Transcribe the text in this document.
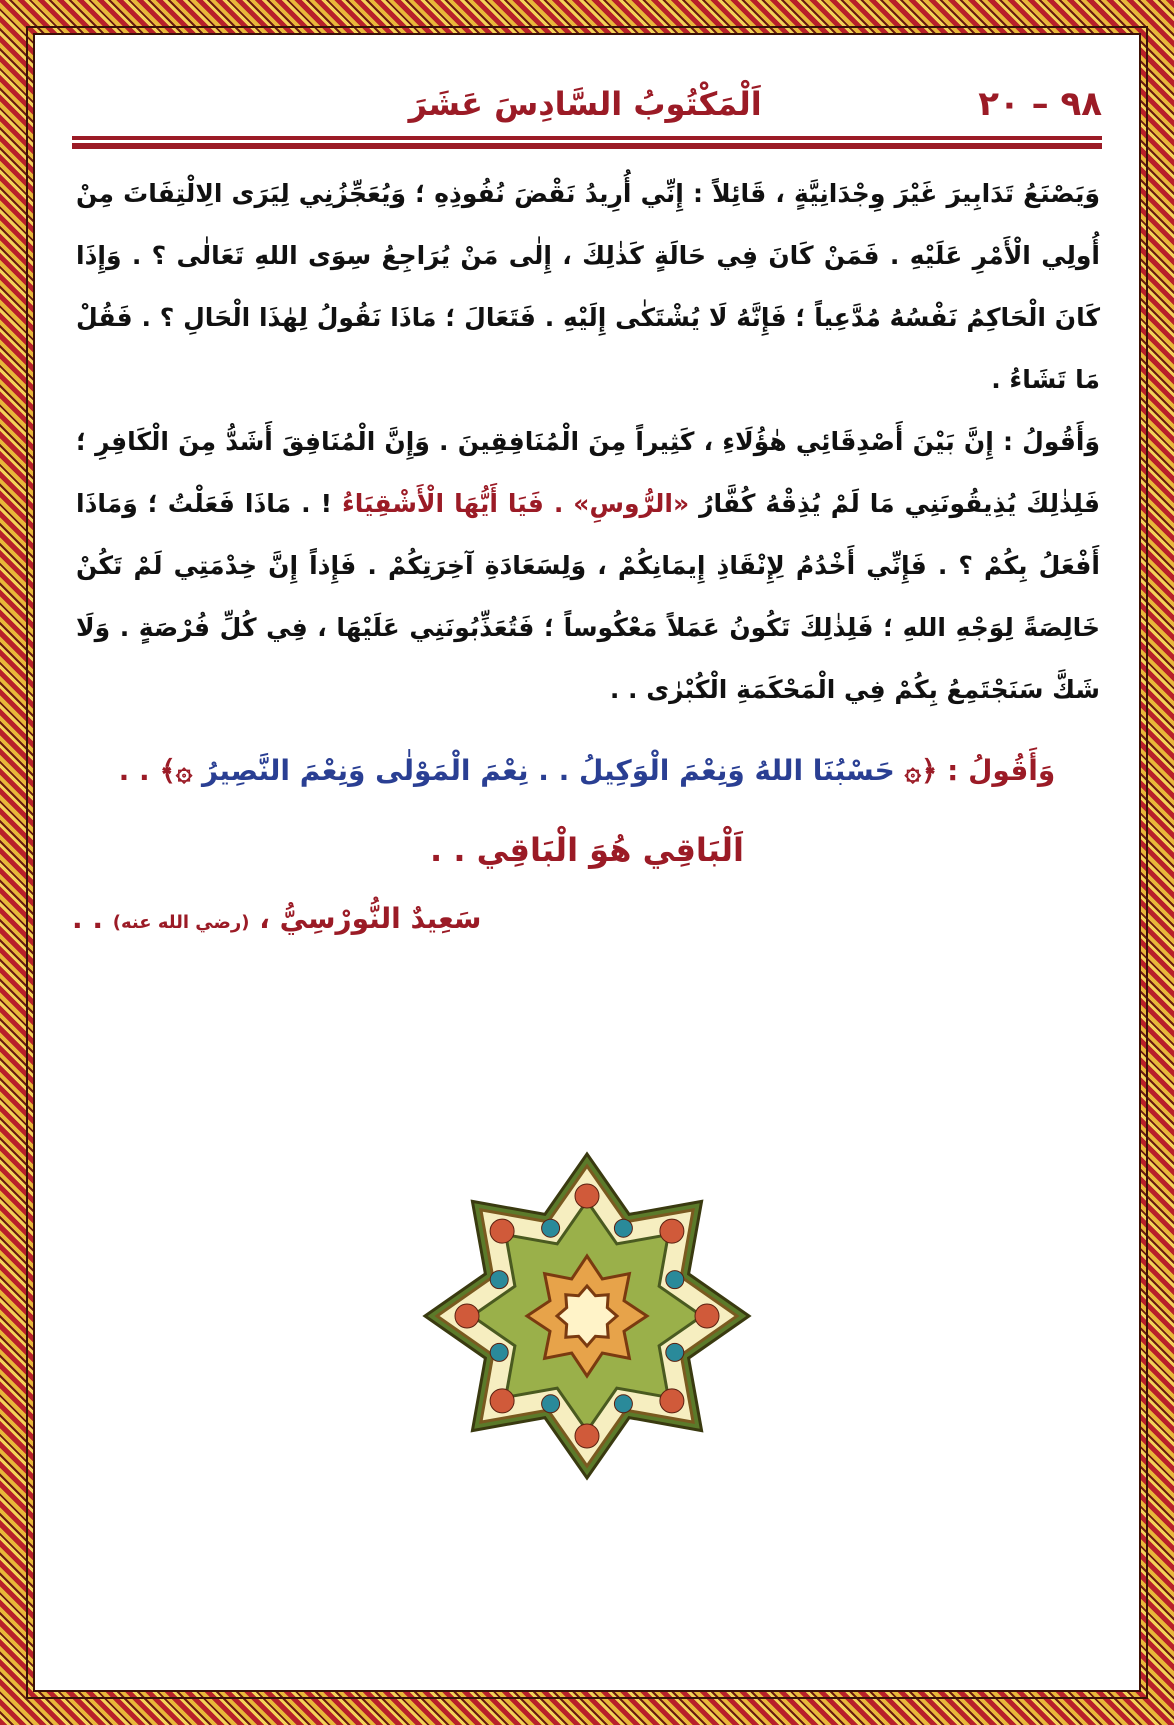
٩٨ – ٢٠
اَلْمَكْتُوبُ السَّادِسَ عَشَرَ

وَيَصْنَعُ تَدَابِيرَ غَيْرَ وِجْدَانِيَّةٍ ، قَائِلاً : إِنِّي أُرِيدُ نَقْضَ نُفُوذِهِ ؛ وَيُعَجِّزُنِي لِيَرَى الِالْتِفَاتَ مِنْ أُولِي الْأَمْرِ عَلَيْهِ . فَمَنْ كَانَ فِي حَالَةٍ كَذٰلِكَ ، إِلٰى مَنْ يُرَاجِعُ سِوَى اللهِ تَعَالٰى ؟ . وَإِذَا كَانَ الْحَاكِمُ نَفْسُهُ مُدَّعِياً ؛ فَإِنَّهُ لَا يُشْتَكٰى إِلَيْهِ . فَتَعَالَ ؛ مَاذَا نَقُولُ لِهٰذَا الْحَالِ ؟ . فَقُلْ مَا تَشَاءُ .

وَأَقُولُ : إِنَّ بَيْنَ أَصْدِقَائِي هٰؤُلَاءِ ، كَثِيراً مِنَ الْمُنَافِقِينَ . وَإِنَّ الْمُنَافِقَ أَشَدُّ مِنَ الْكَافِرِ ؛ فَلِذٰلِكَ يُذِيقُونَنِي مَا لَمْ يُذِقْهُ كُفَّارُ «الرُّوسِ» . فَيَا أَيُّهَا الْأَشْقِيَاءُ ! . مَاذَا فَعَلْتُ ؛ وَمَاذَا أَفْعَلُ بِكُمْ ؟ . فَإِنِّي أَخْدُمُ لِإِنْقَاذِ إِيمَانِكُمْ ، وَلِسَعَادَةِ آخِرَتِكُمْ . فَإِذاً إِنَّ خِدْمَتِي لَمْ تَكُنْ خَالِصَةً لِوَجْهِ اللهِ ؛ فَلِذٰلِكَ تَكُونُ عَمَلاً مَعْكُوساً ؛ فَتُعَذِّبُونَنِي عَلَيْهَا ، فِي كُلِّ فُرْصَةٍ . وَلَا شَكَّ سَنَجْتَمِعُ بِكُمْ فِي الْمَحْكَمَةِ الْكُبْرٰى . .

وَأَقُولُ : ﴿۞ حَسْبُنَا اللهُ وَنِعْمَ الْوَكِيلُ . . نِعْمَ الْمَوْلٰى وَنِعْمَ النَّصِيرُ ۞﴾ . .
اَلْبَاقِي هُوَ الْبَاقِي . .
سَعِيدٌ النُّورْسِيُّ ، (رضي الله عنه) . .
